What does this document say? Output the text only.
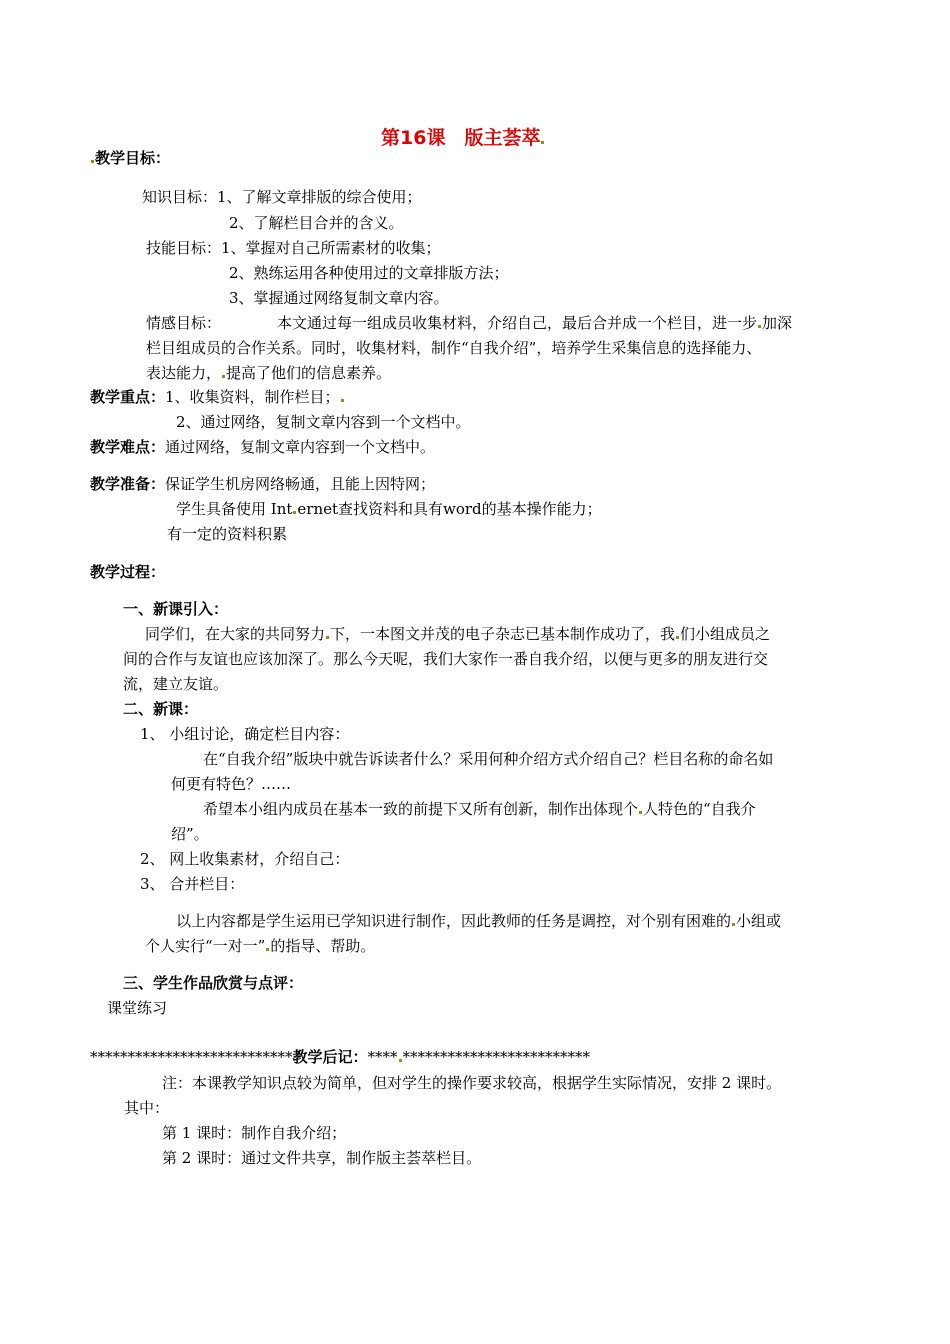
第16课　版主荟萃
教学目标：
知识目标：1、了解文章排版的综合使用；
2、了解栏目合并的含义。
技能目标：1、掌握对自己所需素材的收集；
2、熟练运用各种使用过的文章排版方法；
3、掌握通过网络复制文章内容。
情感目标：	本文通过每一组成员收集材料，介绍自己，最后合并成一个栏目，进一步 加深
栏目组成员的合作关系。同时，收集材料，制作“自我介绍”，培养学生采集信息的选择能力、
表达能力， 提高了他们的信息素养。
教学重点：1、收集资料，制作栏目；
2、通过网络，复制文章内容到一个文档中。
教学难点：通过网络，复制文章内容到一个文档中。
教学准备：保证学生机房网络畅通，且能上因特网；
学生具备使用 Int ernet查找资料和具有word的基本操作能力；
有一定的资料积累
教学过程：
一、新课引入：
同学们，在大家的共同努力 下，一本图文并茂的电子杂志已基本制作成功了，我 们小组成员之
间的合作与友谊也应该加深了。那么今天呢，我们大家作一番自我介绍，以便与更多的朋友进行交
流，建立友谊。
二、新课：
1、 小组讨论，确定栏目内容：
在“自我介绍”版块中就告诉读者什么？采用何种介绍方式介绍自己？栏目名称的命名如
何更有特色？……
希望本小组内成员在基本一致的前提下又所有创新，制作出体现个 人特色的“自我介
绍”。
2、 网上收集素材，介绍自己：
3、 合并栏目：
以上内容都是学生运用已学知识进行制作，因此教师的任务是调控，对个别有困难的 小组或
个人实行“一对一” 的指导、帮助。
三、学生作品欣赏与点评：
课堂练习
***************************教学后记：**** *************************
注：本课教学知识点较为简单，但对学生的操作要求较高，根据学生实际情况，安排 2 课时。
其中：
第 1 课时：制作自我介绍；
第 2 课时：通过文件共享，制作版主荟萃栏目。
